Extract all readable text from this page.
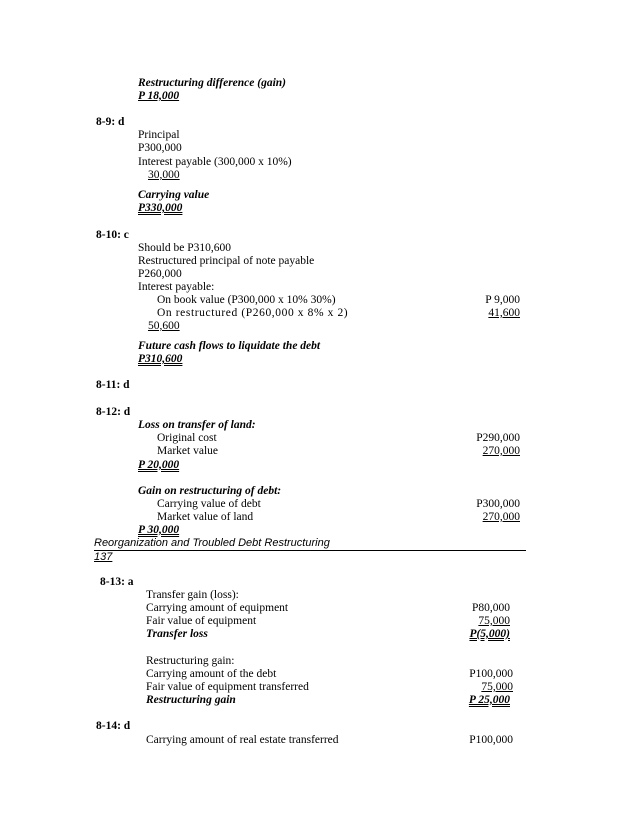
Restructuring difference (gain)
P 18,000
8-9: d
Principal
P300,000
Interest payable (300,000 x 10%)
30,000
Carrying value
P330,000
8-10: c
Should be P310,600
Restructured principal of note payable
P260,000
Interest payable:
On book value (P300,000 x 10% 30%)	P 9,000
On restructured (P260,000 x 8% x 2)	41,600
50,600
Future cash flows to liquidate the debt
P310,600
8-11: d
8-12: d
Loss on transfer of land:
Original cost	P290,000
Market value	270,000
P 20,000
Gain on restructuring of debt:
Carrying value of debt	P300,000
Market value of land	270,000
P 30,000
Reorganization and Troubled Debt Restructuring
137
8-13: a
Transfer gain (loss):
Carrying amount of equipment	P80,000
Fair value of equipment	75,000
Transfer loss	P(5,000)
Restructuring gain:
Carrying amount of the debt	P100,000
Fair value of equipment transferred	75,000
Restructuring gain	P 25,000
8-14: d
Carrying amount of real estate transferred	P100,000
